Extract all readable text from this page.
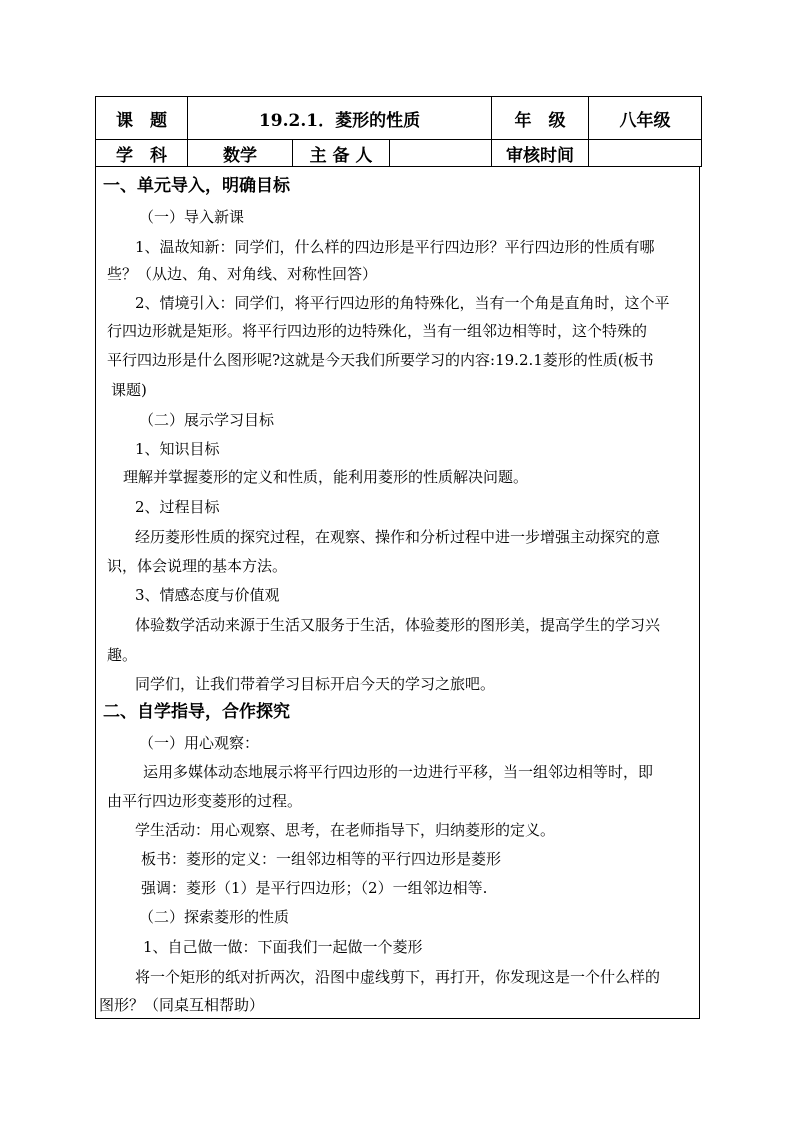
课　题	19.2.1．菱形的性质			年　级	八年级
学　科	数学	主 备 人		审核时间	
一、单元导入，明确目标
（一）导入新课
1、温故知新：同学们，什么样的四边形是平行四边形？平行四边形的性质有哪
些？（从边、角、对角线、对称性回答）
2、情境引入：同学们，将平行四边形的角特殊化，当有一个角是直角时，这个平
行四边形就是矩形。将平行四边形的边特殊化，当有一组邻边相等时，这个特殊的
平行四边形是什么图形呢?这就是今天我们所要学习的内容:19.2.1菱形的性质(板书
课题)
（二）展示学习目标
1、知识目标
理解并掌握菱形的定义和性质，能利用菱形的性质解决问题。
2、过程目标
经历菱形性质的探究过程，在观察、操作和分析过程中进一步增强主动探究的意
识，体会说理的基本方法。
3、情感态度与价值观
体验数学活动来源于生活又服务于生活，体验菱形的图形美，提高学生的学习兴
趣。
同学们，让我们带着学习目标开启今天的学习之旅吧。
二、自学指导，合作探究
（一）用心观察：
运用多媒体动态地展示将平行四边形的一边进行平移，当一组邻边相等时，即
由平行四边形变菱形的过程。
学生活动：用心观察、思考，在老师指导下，归纳菱形的定义。
板书：菱形的定义：一组邻边相等的平行四边形是菱形
强调：菱形（1）是平行四边形；（2）一组邻边相等.
（二）探索菱形的性质
1、自己做一做：下面我们一起做一个菱形
将一个矩形的纸对折两次，沿图中虚线剪下，再打开，你发现这是一个什么样的
图形？（同桌互相帮助）
